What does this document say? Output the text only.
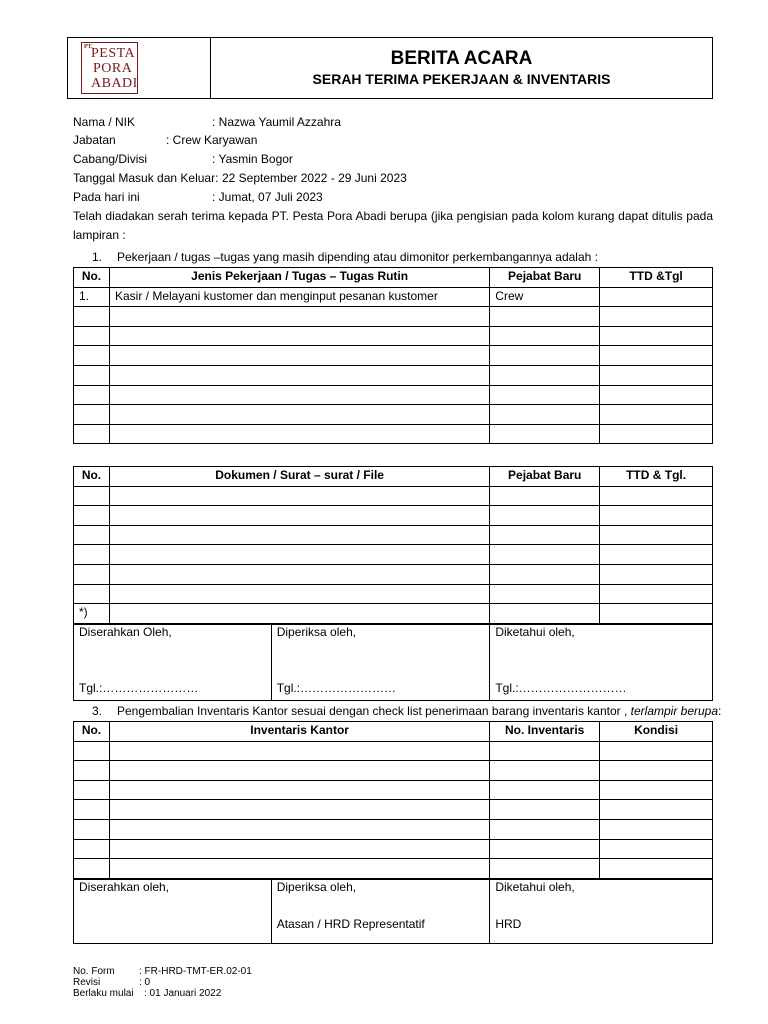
PT.
PESTA
PORA
ABADI
BERITA ACARA
SERAH TERIMA PEKERJAAN & INVENTARIS
Nama / NIK	: Nazwa Yaumil Azzahra
Jabatan	: Crew Karyawan
Cabang/Divisi	: Yasmin Bogor
Tanggal Masuk dan Keluar: 22 September 2022 - 29 Juni 2023
Pada hari ini	: Jumat, 07 Juli 2023
Telah diadakan serah terima kepada PT. Pesta Pora Abadi berupa (jika pengisian pada kolom kurang dapat ditulis pada lampiran :
1. Pekerjaan / tugas –tugas yang masih dipending atau dimonitor perkembangannya adalah :
No.	Jenis Pekerjaan / Tugas – Tugas Rutin	Pejabat Baru	TTD &Tgl
1.	Kasir / Melayani kustomer dan menginput pesanan kustomer	Crew	

No.	Dokumen / Surat – surat / File	Pejabat Baru	TTD & Tgl.

*)			
Diserahkan Oleh,
Tgl.:……………………

Diperiksa oleh,
Tgl.:……………………

Diketahui oleh,
Tgl.:………………………
3. Pengembalian Inventaris Kantor sesuai dengan check list penerimaan barang inventaris kantor , terlampir berupa:
No.	Inventaris Kantor	No. Inventaris	Kondisi

Diserahkan oleh,	Diperiksa oleh,
Atasan / HRD Representatif

Diketahui oleh,
HRD
No. Form : FR-HRD-TMT-ER.02-01
Revisi	: 0
Berlaku mulai : 01 Januari 2022
